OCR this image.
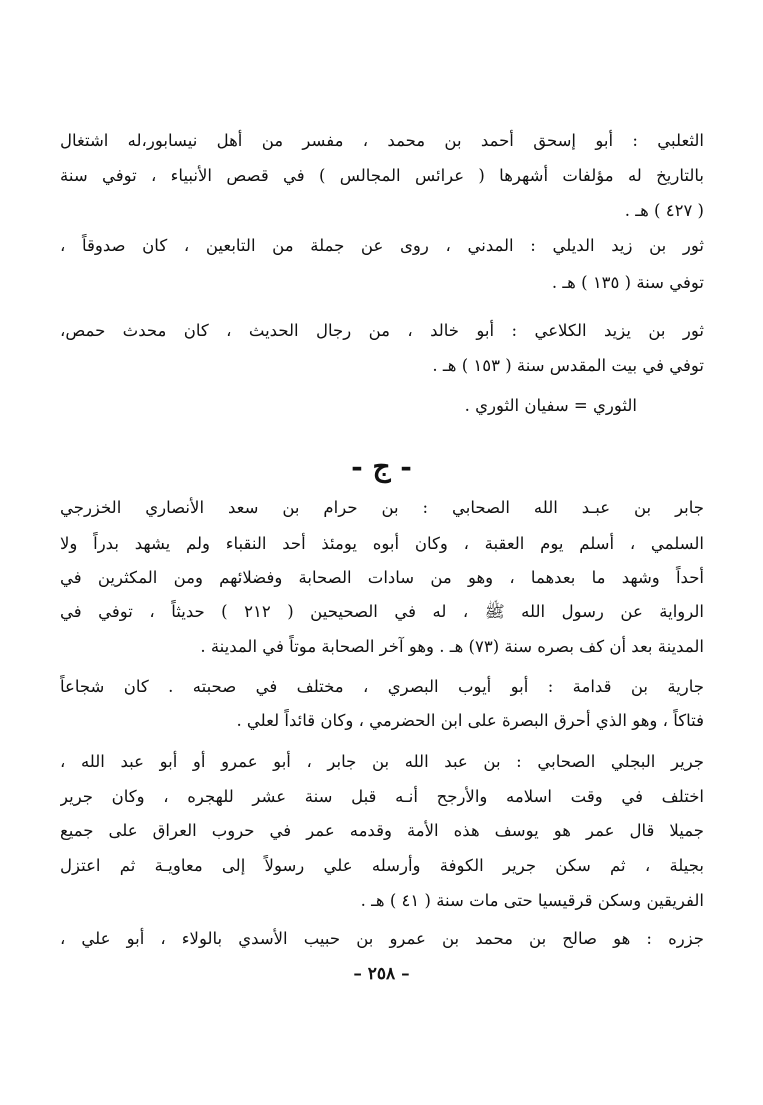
الثعلبي : أبو إسحق أحمد بن محمد ، مفسر من أهل نيسابور،له اشتغال
بالتاريخ له مؤلفات أشهرها ( عرائس المجالس ) في قصص الأنبياء ، توفي سنة
( ٤٢٧ ) هـ .
ثور بن زيد الديلي : المدني ، روى عن جملة من التابعين ، كان صدوقاً ،
توفي سنة ( ١٣٥ ) هـ .
ثور بن يزيد الكلاعي : أبو خالد ، من رجال الحديث ، كان محدث حمص،
توفي في بيت المقدس سنة ( ١٥٣ ) هـ .
الثوري = سفيان الثوري .
- ج -
جابر بن عبـد الله الصحابي : بن حرام بن سعد الأنصاري الخزرجي
السلمي ، أسلم يوم العقبة ، وكان أبوه يومئذ أحد النقباء ولم يشهد بدراً ولا
أحداً وشهد ما بعدهما ، وهو من سادات الصحابة وفضلائهم ومن المكثرين في
الرواية عن رسول الله ﷺ ، له في الصحيحين ( ٢١٢ ) حديثاً ، توفي في
المدينة بعد أن كف بصره سنة (٧٣) هـ . وهو آخر الصحابة موتاً في المدينة .
جارية بن قدامة : أبو أيوب البصري ، مختلف في صحبته . كان شجاعاً
فتاكاً ، وهو الذي أحرق البصرة على ابن الحضرمي ، وكان قائداً لعلي .
جرير البجلي الصحابي : بن عبد الله بن جابر ، أبو عمرو أو أبو عبد الله ،
اختلف في وقت اسلامه والأرجح أنـه قبل سنة عشر للهجره ، وكان جرير
جميلا قال عمر هو يوسف هذه الأمة وقدمه عمر في حروب العراق على جميع
بجيلة ، ثم سكن جرير الكوفة وأرسله علي رسولاً إلى معاويـة ثم اعتزل
الفريقين وسكن قرقيسيا حتى مات سنة ( ٤١ ) هـ .
جزره : هو صالح بن محمد بن عمرو بن حبيب الأسدي بالولاء ، أبو علي ،
– ٢٥٨ –
